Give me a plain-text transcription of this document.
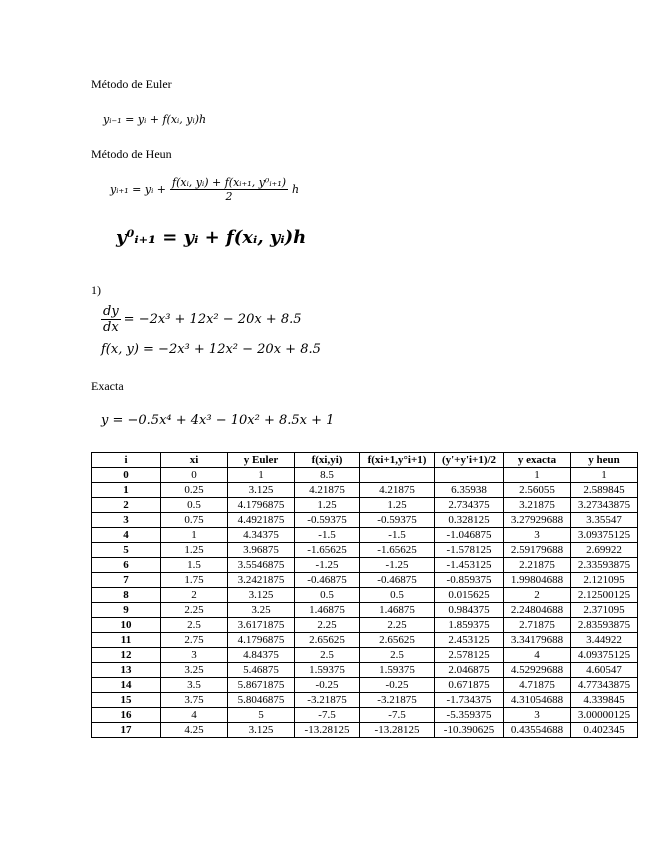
Método de Euler
yᵢ₋₁ = yᵢ + f(xᵢ, yᵢ)h
Método de Heun
yᵢ₊₁ = yᵢ + $\frac{\text{f(xᵢ, yᵢ) + f(xᵢ₊₁, y⁰ᵢ₊₁)}}{2}$ h
y⁰ᵢ₊₁ = yᵢ + f(xᵢ, yᵢ)h
1)
$\frac{dy}{dx} = -2x^3 + 12x^2 - 20x + 8.5$
f(x, y) = −2x³ + 12x² − 20x + 8.5
Exacta
y = −0.5x⁴ + 4x³ − 10x² + 8.5x + 1
i	xi	y Euler	f(xi,yi)	f(xi+1,y°i+1)	(y'+y'i+1)/2	y exacta	y heun
0	0	1	8.5			1	1
1	0.25	3.125	4.21875	4.21875	6.35938	2.56055	2.589845
2	0.5	4.1796875	1.25	1.25	2.734375	3.21875	3.27343875
3	0.75	4.4921875	-0.59375	-0.59375	0.328125	3.27929688	3.35547
4	1	4.34375	-1.5	-1.5	-1.046875	3	3.09375125
5	1.25	3.96875	-1.65625	-1.65625	-1.578125	2.59179688	2.69922
6	1.5	3.5546875	-1.25	-1.25	-1.453125	2.21875	2.33593875
7	1.75	3.2421875	-0.46875	-0.46875	-0.859375	1.99804688	2.121095
8	2	3.125	0.5	0.5	0.015625	2	2.12500125
9	2.25	3.25	1.46875	1.46875	0.984375	2.24804688	2.371095
10	2.5	3.6171875	2.25	2.25	1.859375	2.71875	2.83593875
11	2.75	4.1796875	2.65625	2.65625	2.453125	3.34179688	3.44922
12	3	4.84375	2.5	2.5	2.578125	4	4.09375125
13	3.25	5.46875	1.59375	1.59375	2.046875	4.52929688	4.60547
14	3.5	5.8671875	-0.25	-0.25	0.671875	4.71875	4.77343875
15	3.75	5.8046875	-3.21875	-3.21875	-1.734375	4.31054688	4.339845
16	4	5	-7.5	-7.5	-5.359375	3	3.00000125
17	4.25	3.125	-13.28125	-13.28125	-10.390625	0.43554688	0.402345
